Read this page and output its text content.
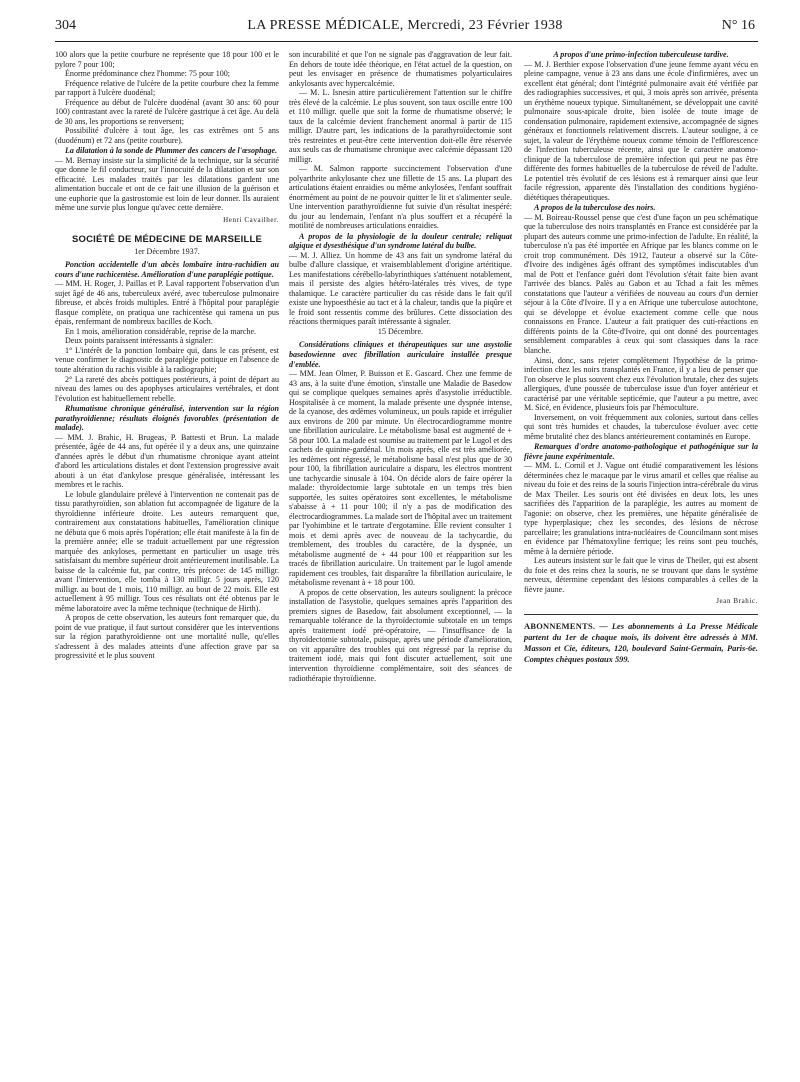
304	LA PRESSE MÉDICALE, Mercredi, 23 Février 1938	N° 16

100 alors que la petite courbure ne représente que 18 pour 100 et le pylore 7 pour 100;

Énorme prédominance chez l'homme: 75 pour 100;

Fréquence relative de l'ulcère de la petite courbure chez la femme par rapport à l'ulcère duodénal;

Fréquence au début de l'ulcère duodénal (avant 30 ans: 60 pour 100) contrastant avec la rareté de l'ulcère gastrique à cet âge. Au delà de 30 ans, les proportions se renversent;

Possibilité d'ulcère à tout âge, les cas extrêmes ont 5 ans (duodénum) et 72 ans (petite courbure).

La dilatation à la sonde de Plummer des cancers de l'œsophage.

— M. Bernay insiste sur la simplicité de la technique, sur la sécurité que donne le fil conducteur, sur l'innocuité de la dilatation et sur son efficacité. Les malades traités par les dilatations gardent une alimentation buccale et ont de ce fait une illusion de la guérison et une euphorie que la gastrostomie est loin de leur donner. Ils auraient même une survie plus longue qu'avec cette dernière.

Henri Cavailher.

SOCIÉTÉ DE MÉDECINE DE MARSEILLE

1er Décembre 1937.

Ponction accidentelle d'un abcès lombaire intra-rachidien au cours d'une rachicentèse. Amélioration d'une paraplégie pottique.

— MM. H. Roger, J. Paillas et P. Laval rapportent l'observation d'un sujet âgé de 46 ans, tuberculeux avéré, avec tuberculose pulmonaire fibreuse, et abcès froids multiples. Entré à l'hôpital pour paraplégie flasque complète, on pratiqua une rachicentèse qui ramena un pus épais, renfermant de nombreux bacilles de Koch.

En 1 mois, amélioration considérable, reprise de la marche.

Deux points paraissent intéressants à signaler:

1° L'intérêt de la ponction lombaire qui, dans le cas présent, est venue confirmer le diagnostic de paraplégie pottique en l'absence de toute altération du rachis visible à la radiographie;

2° La rareté des abcès pottiques postérieurs, à point de départ au niveau des lames ou des apophyses articulaires vertébrales, et dont l'évolution est habituellement rebelle.

Rhumatisme chronique généralisé, intervention sur la région parathyroïdienne; résultats éloignés favorables (présentation de malade).

— MM. J. Brahic, H. Brugeas, P. Battesti et Brun. La malade présentée, âgée de 44 ans, fut opérée il y a deux ans, une quinzaine d'années après le début d'un rhumatisme chronique ayant atteint d'abord les articulations distales et dont l'extension progressive avait abouti à un état d'ankylose presque généralisée, intéressant les membres et le rachis.

Le lobule glandulaire prélevé à l'intervention ne contenait pas de tissu parathyroïdien, son ablation fut accompagnée de ligature de la thyroïdienne inférieure droite. Les auteurs remarquent que, contrairement aux constatations habituelles, l'amélioration clinique ne débuta que 6 mois après l'opération; elle était manifeste à la fin de la première année; elle se traduit actuellement par une régression marquée des ankyloses, permettant en particulier un usage très satisfaisant du membre supérieur droit antérieurement inutilisable. La baisse de la calcémie fut, par contre, très précoce: de 145 milligr. avant l'intervention, elle tomba à 130 milligr. 5 jours après, 120 milligr. au bout de 1 mois, 110 milligr. au bout de 22 mois. Elle est actuellement à 95 milligr. Tous ces résultats ont été obtenus par le même laboratoire avec la même technique (technique de Hirth).

A propos de cette observation, les auteurs font remarquer que, du point de vue pratique, il faut surtout considérer que les interventions sur la région parathyroïdienne ont une mortalité nulle, qu'elles s'adressent à des malades atteints d'une affection grave par sa progressivité et le plus souvent

son incurabilité et que l'on ne signale pas d'aggravation de leur fait. En dehors de toute idée théorique, en l'état actuel de la question, on peut les envisager en présence de rhumatismes polyarticulaires ankylosants avec hypercalcémie.

— M. L. Isnesin attire particulièrement l'attention sur le chiffre très élevé de la calcémie. Le plus souvent, son taux oscille entre 100 et 110 milligr. quelle que soit la forme de rhumatisme observé; le taux de la calcémie devient franchement anormal à partir de 115 milligr. D'autre part, les indications de la parathyroïdectomie sont très restreintes et peut-être cette intervention doit-elle être réservée aux seuls cas de rhumatisme chronique avec calcémie dépassant 120 milligr.

— M. Salmon rapporte succinctement l'observation d'une polyarthrite ankylosante chez une fillette de 15 ans. La plupart des articulations étaient enraidies ou même ankylosées, l'enfant souffrait énormément au point de ne pouvoir quitter le lit et s'alimenter seule. Une intervention parathyroïdienne fut suivie d'un résultat inespéré: du jour au lendemain, l'enfant n'a plus souffert et a récupéré la motilité de nombreuses articulations enraidies.

A propos de la physiologie de la douleur centrale; reliquat algique et dysesthésique d'un syndrome latéral du bulbe.

— M. J. Alliez. Un homme de 43 ans fait un syndrome latéral du bulbe d'allure classique, et vraisemblablement d'origine artéritique. Les manifestations cérébello-labyrinthiques s'atténuent notablement, mais il persiste des algies hétéro-latérales très vives, de type thalamique. Le caractère particulier du cas réside dans le fait qu'il existe une hypoesthésie au tact et à la chaleur, tandis que la piqûre et le froid sont ressentis comme des brûlures. Cette dissociation des réactions thermiques paraît intéressante à signaler.

15 Décembre.

Considérations cliniques et thérapeutiques sur une asystolie basedowienne avec fibrillation auriculaire installée presque d'emblée.

— MM. Jean Olmer, P. Buisson et E. Gascard. Chez une femme de 43 ans, à la suite d'une émotion, s'installe une Maladie de Basedow qui se complique quelques semaines après d'asystolie irréductible. Hospitalisée à ce moment, la malade présente une dyspnée intense, de la cyanose, des œdèmes volumineux, un pouls rapide et irrégulier aux environs de 200 par minute. Un électrocardiogramme montre une fibrillation auriculaire. Le métabolisme basal est augmenté de + 58 pour 100. La malade est soumise au traitement par le Lugol et des cachets de quinine-gardénal. Un mois après, elle est très améliorée, les œdèmes ont régressé, le métabolisme basal n'est plus que de 30 pour 100, la fibrillation auriculaire a disparu, les électros montrent une tachycardie sinusale à 104. On décide alors de faire opérer la malade: thyroïdectomie large subtotale en un temps très bien supportée, les suites opératoires sont excellentes, le métabolisme s'abaisse à + 11 pour 100; il n'y a pas de modification des électrocardiogrammes. La malade sort de l'hôpital avec un traitement par l'yohimbine et le tartrate d'ergotamine. Elle revient consulter 1 mois et demi après avec de nouveau de la tachycardie, du tremblement, des troubles du caractère, de la dyspnée, un métabolisme augmenté de + 44 pour 100 et réapparition sur les tracés de fibrillation auriculaire. Un traitement par le lugol amende rapidement ces troubles, fait disparaître la fibrillation auriculaire, le métabolisme revenant à + 18 pour 100.

A propos de cette observation, les auteurs soulignent: la précoce installation de l'asystolie, quelques semaines après l'apparition des premiers signes de Basedow, fait absolument exceptionnel, — la remarquable tolérance de la thyroïdectomie subtotale en un temps après traitement iodé pré-opératoire, — l'insuffisance de la thyroïdectomie subtotale, puisque, après une période d'amélioration, on vit apparaître des troubles qui ont régressé par la reprise du traitement iodé, mais qui font discuter actuellement, soit une intervention thyroïdienne complémentaire, soit des séances de radiothérapie thyroïdienne.

A propos d'une primo-infection tuberculeuse tardive.

— M. J. Berthier expose l'observation d'une jeune femme ayant vécu en pleine campagne, venue à 23 ans dans une école d'infirmières, avec un excellent état général; dont l'intégrité pulmonaire avait été vérifiée par des radiographies successives, et qui, 3 mois après son arrivée, présenta un érythème noueux typique. Simultanément, se développait une cavité pulmonaire sous-apicale droite, bien isolée de toute image de condensation pulmonaire, rapidement extensive, accompagnée de signes généraux et fonctionnels relativement discrets. L'auteur souligne, à ce sujet, la valeur de l'érythème noueux comme témoin de l'efflorescence de l'infection tuberculeuse récente, ainsi que le caractère anatomo-clinique de la tuberculose de première infection qui peut ne pas être différente des formes habituelles de la tuberculose de réveil de l'adulte. Le potentiel très évolutif de ces lésions est à remarquer ainsi que leur facile régression, apparente dès l'installation des conditions hygiéno-diététiques thérapeutiques.

A propos de la tuberculose des noirs.

— M. Boireau-Roussel pense que c'est d'une façon un peu schématique que la tuberculose des noirs transplantés en France est considérée par la plupart des auteurs comme une primo-infection de l'adulte. En réalité, la tuberculose n'a pas été importée en Afrique par les blancs comme on le croit trop communément. Dès 1912, l'auteur a observé sur la Côte-d'Ivoire des indigènes âgés offrant des symptômes indiscutables d'un mal de Pott et l'enfance guéri dont l'évolution s'était faite bien avant l'arrivée des blancs. Palès au Gabon et au Tchad a fait les mêmes constatations que l'auteur a vérifiées de nouveau au cours d'un dernier séjour à la Côte d'Ivoire. Il y a en Afrique une tuberculose autochtone, qui se développe et évolue exactement comme celle que nous connaissons en France. L'auteur a fait pratiquer des cuti-réactions en différents points de la Côte-d'Ivoire, qui ont donné des pourcentages sensiblement comparables à ceux qui sont classiques dans la race blanche.

Ainsi, donc, sans rejeter complètement l'hypothèse de la primo-infection chez les noirs transplantés en France, il y a lieu de penser que l'on observe le plus souvent chez eux l'évolution brutale, chez des sujets allergiques, d'une poussée de tuberculose issue d'un foyer antérieur et caractérisé par une véritable septicémie, que l'auteur a pu mettre, avec M. Sicé, en évidence, plusieurs fois par l'hémoculture.

Inversement, on voit fréquemment aux colonies, surtout dans celles qui sont très humides et chaudes, la tuberculose évoluer avec cette même brutalité chez des blancs antérieurement contaminés en Europe.

Remarques d'ordre anatomo-pathologique et pathogénique sur la fièvre jaune expérimentale.

— MM. L. Cornil et J. Vague ont étudié comparativement les lésions déterminées chez le macaque par le virus amaril et celles que réalise au niveau du foie et des reins de la souris l'injection intra-cérébrale du virus de Max Theiler. Les souris ont été divisées en deux lots, les unes sacrifiées dès l'apparition de la paraplégie, les autres au moment de l'agonie: on observe, chez les premières, une hépatite généralisée de type hyperplasique; chez les secondes, des lésions de nécrose parcellaire; les granulations intra-nucléaires de Councilmann sont mises en évidence par l'hématoxyline ferrique; les reins sont peu touchés, même à la dernière période.

Les auteurs insistent sur le fait que le virus de Theiler, qui est absent du foie et des reins chez la souris, ne se trouvant que dans le système nerveux, détermine cependant des lésions comparables à celles de la fièvre jaune.

Jean Brahic.

ABONNEMENTS. — Les abonnements à La Presse Médicale partent du 1er de chaque mois, ils doivent être adressés à MM. Masson et Cie, éditeurs, 120, boulevard Saint-Germain, Paris-6e. Comptes chèques postaux 599.
